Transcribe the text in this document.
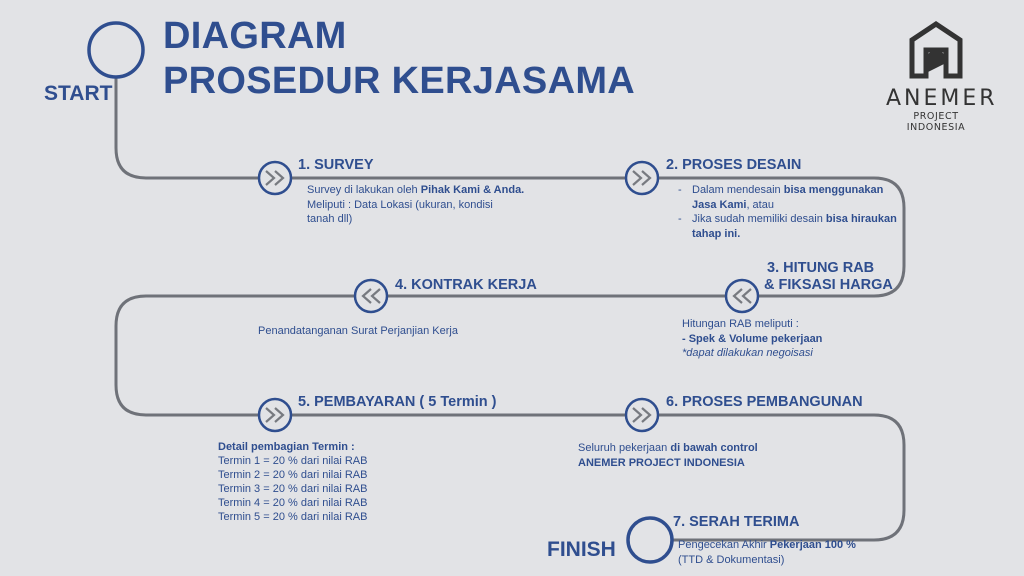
DIAGRAM
PROSEDUR KERJASAMA
START
FINISH
ANEMER
PROJECT INDONESIA
1. SURVEY
Survey di lakukan oleh Pihak Kami & Anda.
Meliputi : Data Lokasi (ukuran, kondisi
tanah dll)
2. PROSES DESAIN
- Dalam mendesain bisa menggunakan
Jasa Kami, atau
- Jika sudah memiliki desain bisa hiraukan
tahap ini.
3. HITUNG RAB
& FIKSASI HARGA
Hitungan RAB meliputi :
- Spek & Volume pekerjaan
*dapat dilakukan negoisasi
4. KONTRAK KERJA
Penandatanganan Surat Perjanjian Kerja
5. PEMBAYARAN ( 5 Termin )
Detail pembagian Termin :
Termin 1 = 20 % dari nilai RAB
Termin 2 = 20 % dari nilai RAB
Termin 3 = 20 % dari nilai RAB
Termin 4 = 20 % dari nilai RAB
Termin 5 = 20 % dari nilai RAB
6. PROSES PEMBANGUNAN
Seluruh pekerjaan di bawah control
ANEMER PROJECT INDONESIA
7. SERAH TERIMA
Pengecekan Akhir Pekerjaan 100 %
(TTD & Dokumentasi)
